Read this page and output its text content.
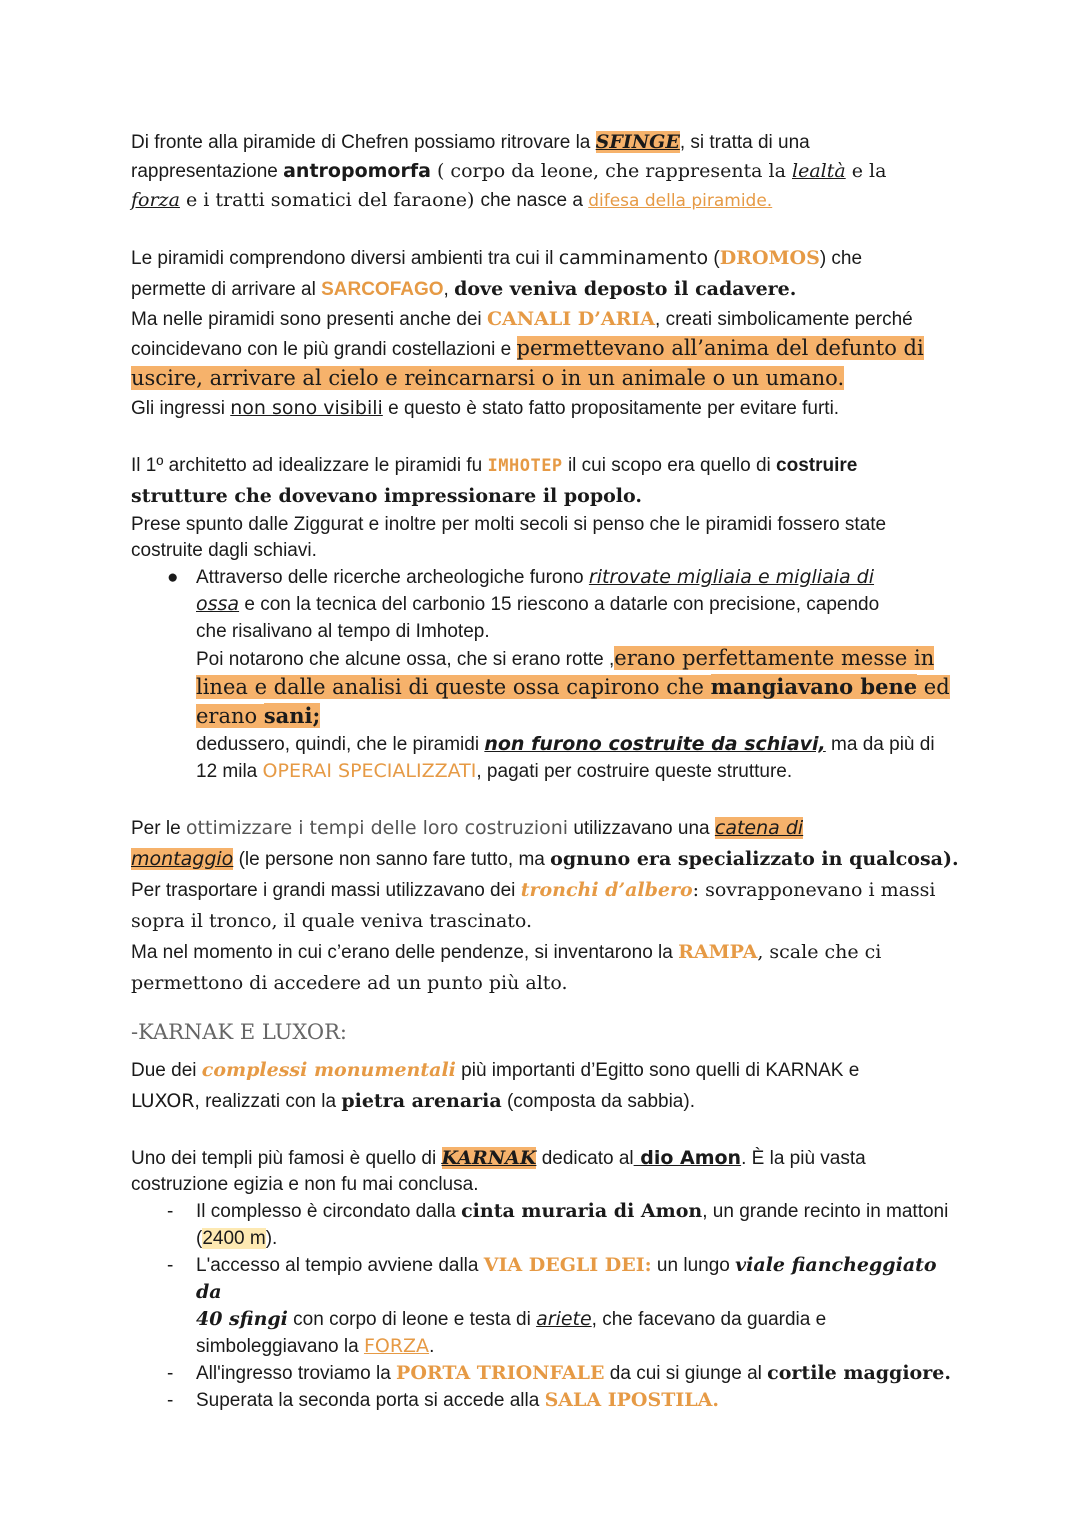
Di fronte alla piramide di Chefren possiamo ritrovare la SFINGE, si tratta di una
rappresentazione antropomorfa ( corpo da leone, che rappresenta la lealtà e la
forza e i tratti somatici del faraone) che nasce a difesa della piramide.

Le piramidi comprendono diversi ambienti tra cui il camminamento (DROMOS) che
permette di arrivare al SARCOFAGO, dove veniva deposto il cadavere.

Ma nelle piramidi sono presenti anche dei CANALI D’ARIA, creati simbolicamente perché
coincidevano con le più grandi costellazioni e permettevano all’anima del defunto di
uscire, arrivare al cielo e reincarnarsi o in un animale o un umano.
Gli ingressi non sono visibili e questo è stato fatto propositamente per evitare furti.

Il 1º architetto ad idealizzare le piramidi fu IMHOTEP il cui scopo era quello di costruire
strutture che dovevano impressionare il popolo.

Prese spunto dalle Ziggurat e inoltre per molti secoli si penso che le piramidi fossero state
costruite dagli schiavi.

● Attraverso delle ricerche archeologiche furono ritrovate migliaia e migliaia di
ossa e con la tecnica del carbonio 15 riescono a datarle con precisione, capendo
che risalivano al tempo di Imhotep.
Poi notarono che alcune ossa, che si erano rotte ,erano perfettamente messe in
linea e dalle analisi di queste ossa capirono che mangiavano bene ed
erano sani;
dedussero, quindi, che le piramidi non furono costruite da schiavi, ma da più di
12 mila OPERAI SPECIALIZZATI, pagati per costruire queste strutture.

Per le ottimizzare i tempi delle loro costruzioni utilizzavano una catena di
montaggio (le persone non sanno fare tutto, ma ognuno era specializzato in qualcosa).
Per trasportare i grandi massi utilizzavano dei tronchi d’albero: sovrapponevano i massi
sopra il tronco, il quale veniva trascinato.
Ma nel momento in cui c’erano delle pendenze, si inventarono la RAMPA, scale che ci
permettono di accedere ad un punto più alto.

-KARNAK E LUXOR:

Due dei complessi monumentali più importanti d’Egitto sono quelli di KARNAK e
LUXOR, realizzati con la pietra arenaria (composta da sabbia).

Uno dei templi più famosi è quello di KARNAK dedicato al dio Amon. È la più vasta
costruzione egizia e non fu mai conclusa.

- Il complesso è circondato dalla cinta muraria di Amon, un grande recinto in mattoni
(2400 m).
- L'accesso al tempio avviene dalla VIA DEGLI DEI: un lungo viale fiancheggiato da
40 sfingi con corpo di leone e testa di ariete, che facevano da guardia e
simboleggiavano la FORZA.
- All'ingresso troviamo la PORTA TRIONFALE da cui si giunge al cortile maggiore.
- Superata la seconda porta si accede alla SALA IPOSTILA.
